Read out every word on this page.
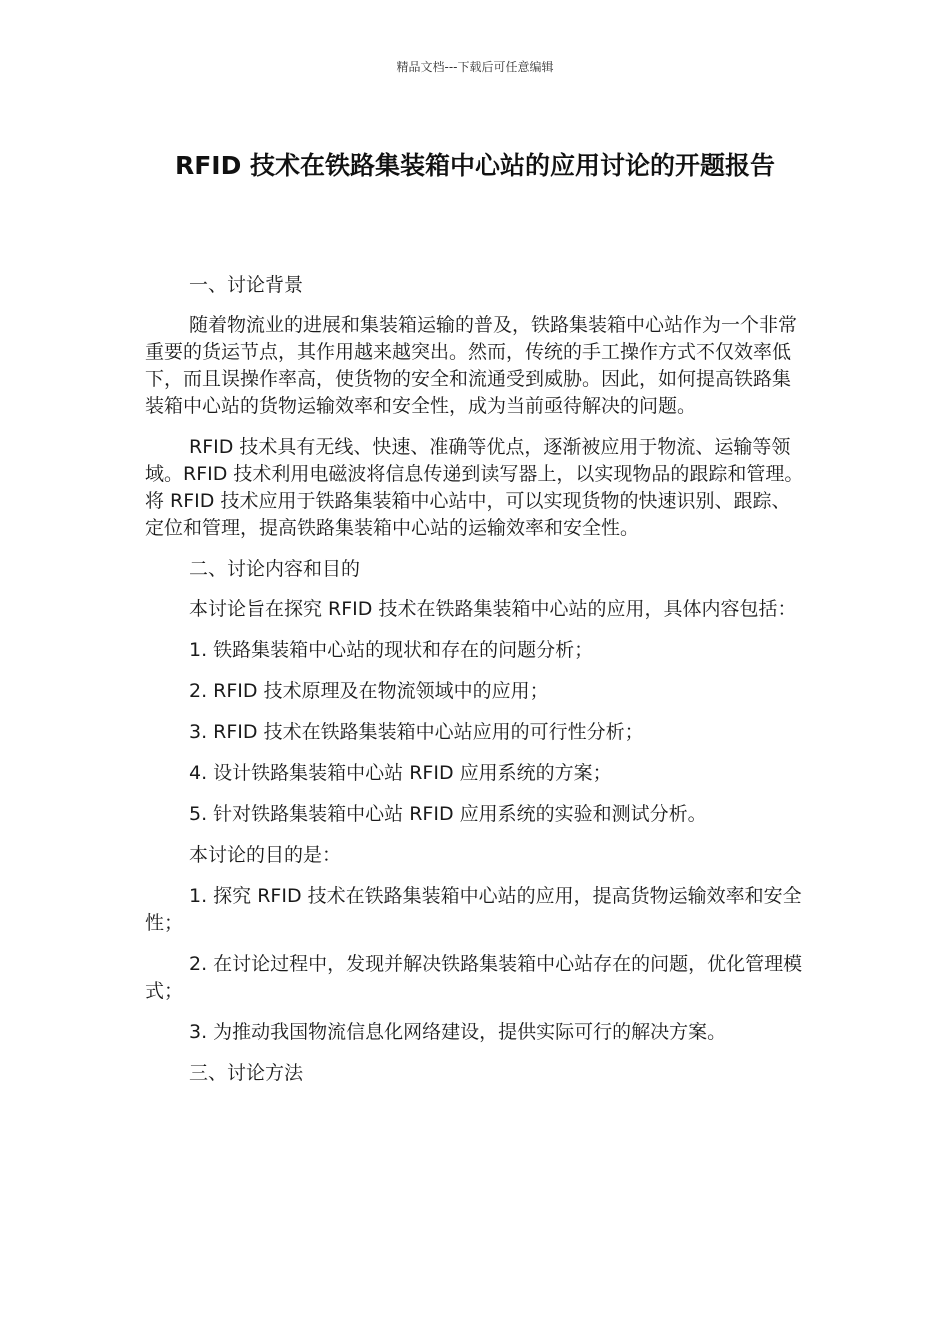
精品文档---下载后可任意编辑
RFID 技术在铁路集装箱中心站的应用讨论的开题报告

一、讨论背景

随着物流业的进展和集装箱运输的普及，铁路集装箱中心站作为一个非常重要的货运节点，其作用越来越突出。然而，传统的手工操作方式不仅效率低下，而且误操作率高，使货物的安全和流通受到威胁。因此，如何提高铁路集装箱中心站的货物运输效率和安全性，成为当前亟待解决的问题。

RFID 技术具有无线、快速、准确等优点，逐渐被应用于物流、运输等领域。RFID 技术利用电磁波将信息传递到读写器上，以实现物品的跟踪和管理。将 RFID 技术应用于铁路集装箱中心站中，可以实现货物的快速识别、跟踪、定位和管理，提高铁路集装箱中心站的运输效率和安全性。

二、讨论内容和目的

本讨论旨在探究 RFID 技术在铁路集装箱中心站的应用，具体内容包括：

1. 铁路集装箱中心站的现状和存在的问题分析；

2. RFID 技术原理及在物流领域中的应用；

3. RFID 技术在铁路集装箱中心站应用的可行性分析；

4. 设计铁路集装箱中心站 RFID 应用系统的方案；

5. 针对铁路集装箱中心站 RFID 应用系统的实验和测试分析。

本讨论的目的是：

1. 探究 RFID 技术在铁路集装箱中心站的应用，提高货物运输效率和安全性；

2. 在讨论过程中，发现并解决铁路集装箱中心站存在的问题，优化管理模式；

3. 为推动我国物流信息化网络建设，提供实际可行的解决方案。

三、讨论方法
